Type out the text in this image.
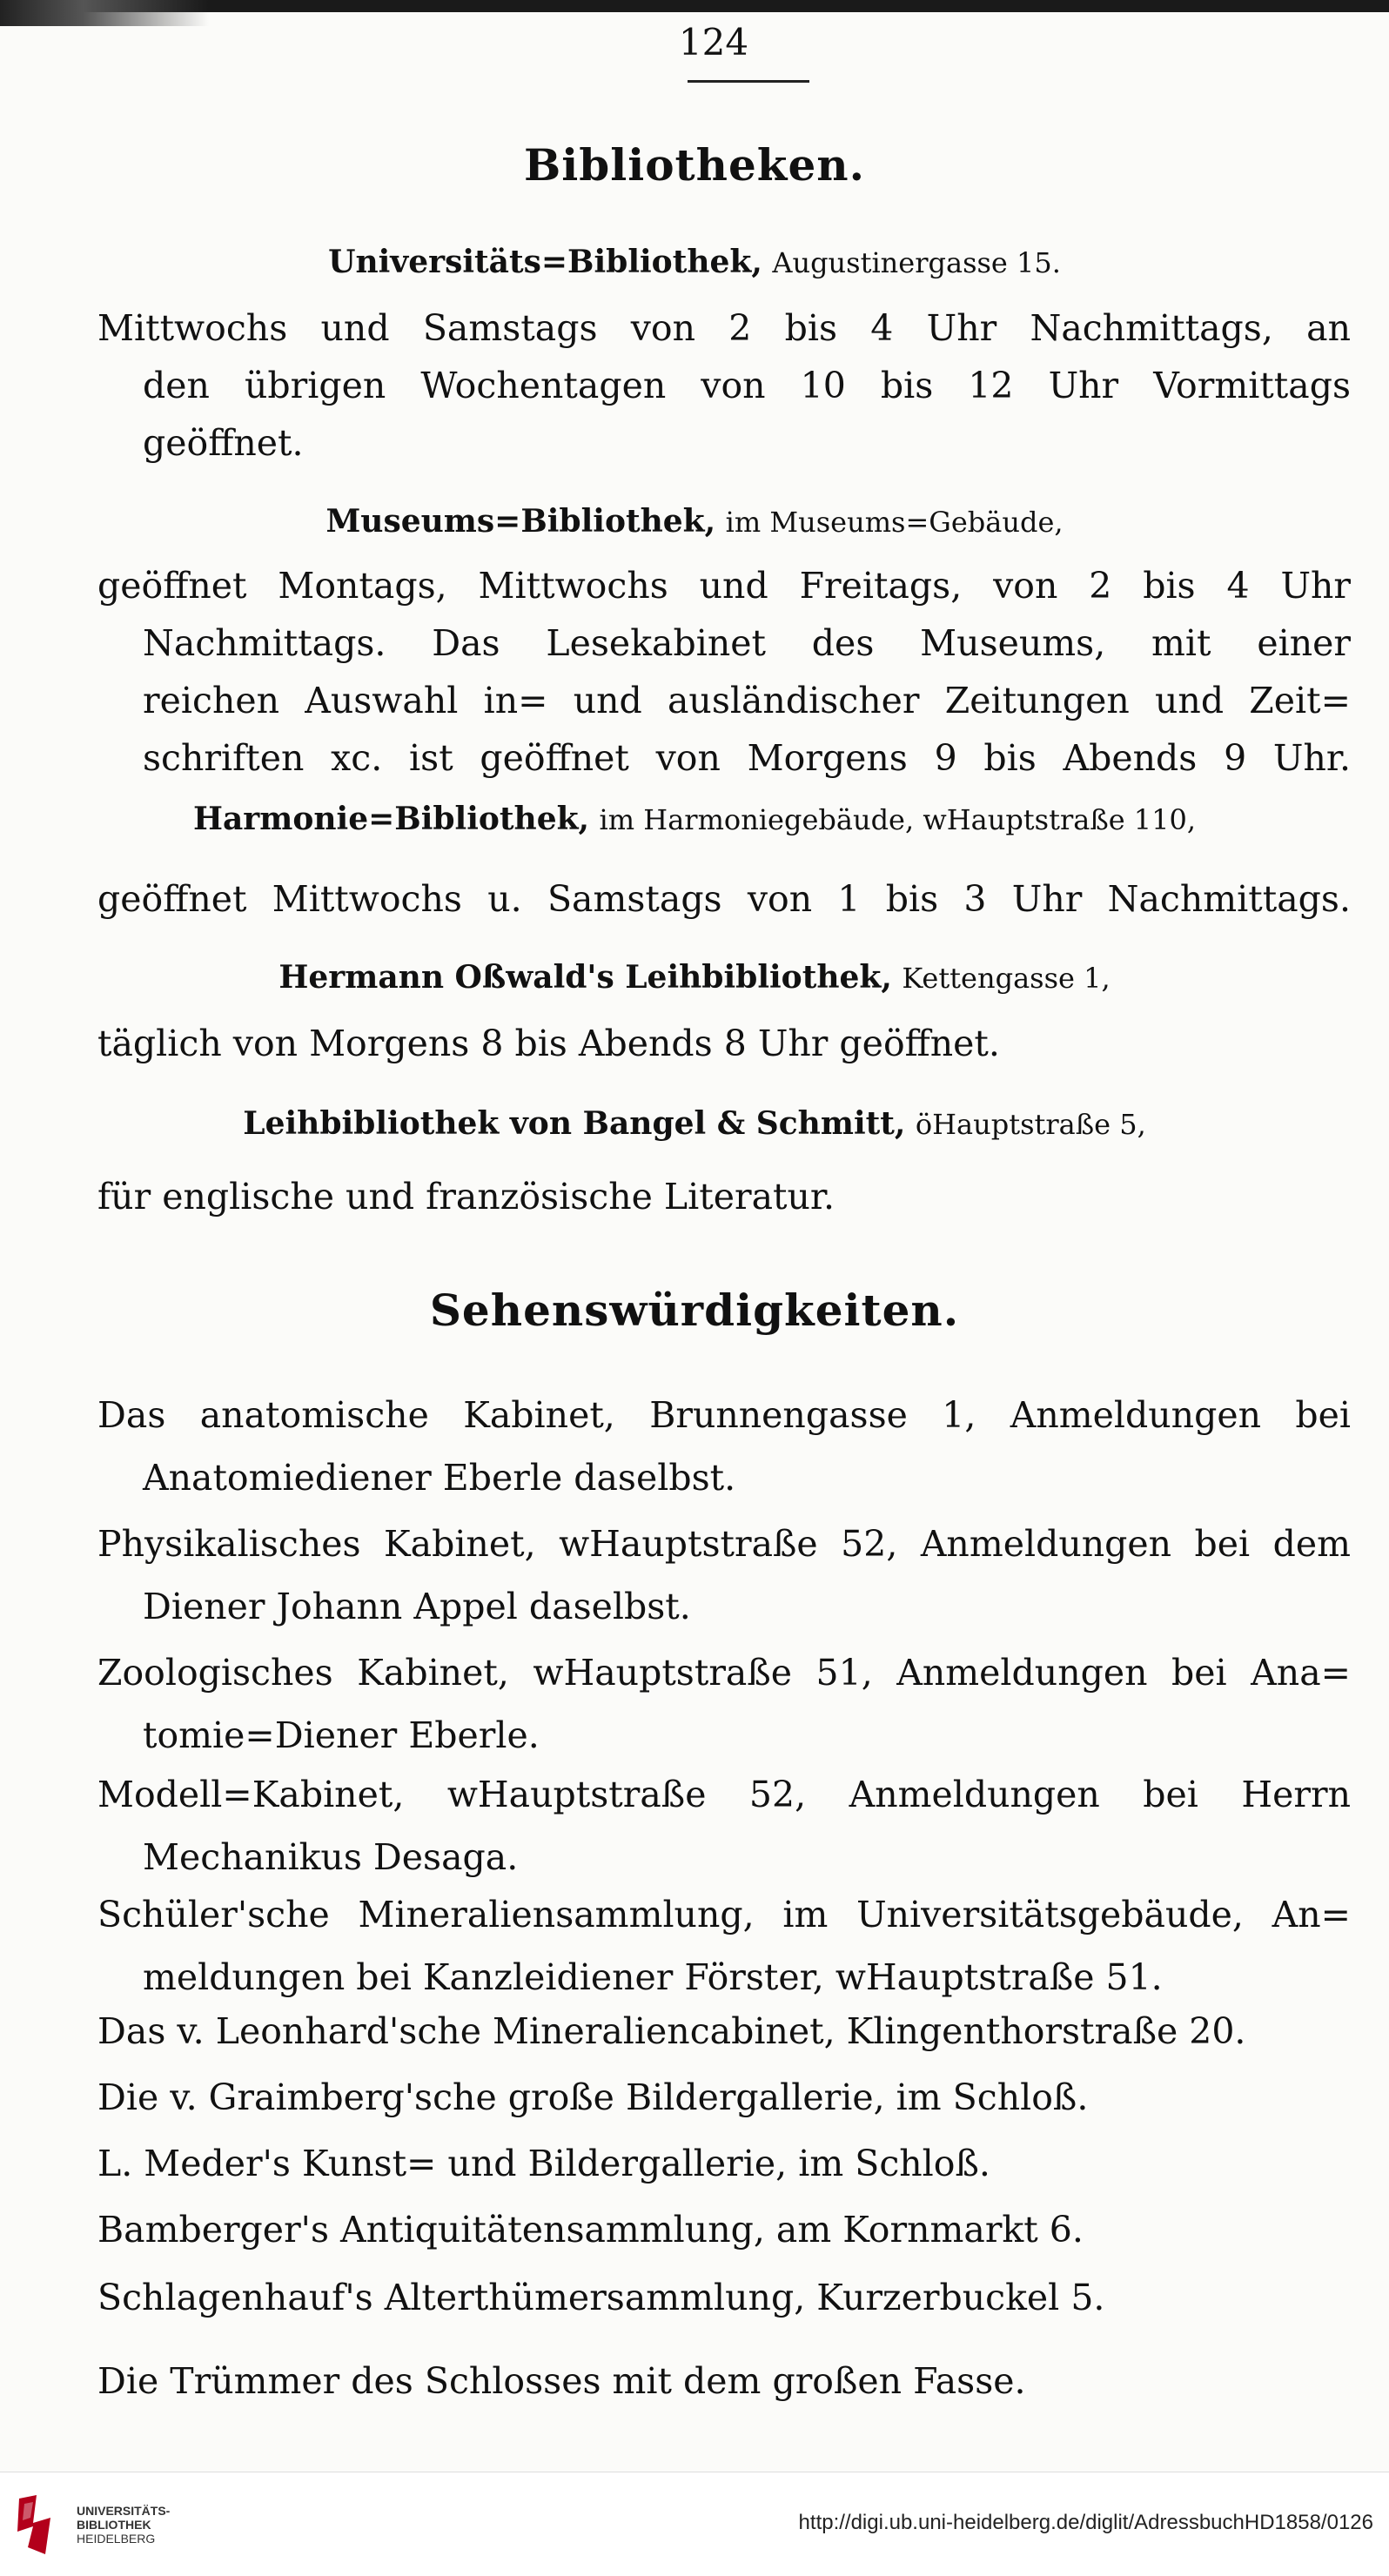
124
Bibliotheken.
Universitäts=Bibliothek, Augustinergasse 15.
Mittwochs und Samstags von 2 bis 4 Uhr Nachmittags, an
den übrigen Wochentagen von 10 bis 12 Uhr Vormittags
geöffnet.
Museums=Bibliothek, im Museums=Gebäude,
geöffnet Montags, Mittwochs und Freitags, von 2 bis 4 Uhr
Nachmittags. Das Lesekabinet des Museums, mit einer
reichen Auswahl in= und ausländischer Zeitungen und Zeit=
schriften xc. ist geöffnet von Morgens 9 bis Abends 9 Uhr.
Harmonie=Bibliothek, im Harmoniegebäude, wHauptstraße 110,
geöffnet Mittwochs u. Samstags von 1 bis 3 Uhr Nachmittags.
Hermann Oßwald's Leihbibliothek, Kettengasse 1,
täglich von Morgens 8 bis Abends 8 Uhr geöffnet.
Leihbibliothek von Bangel & Schmitt, öHauptstraße 5,
für englische und französische Literatur.
Sehenswürdigkeiten.
Das anatomische Kabinet, Brunnengasse 1, Anmeldungen bei
Anatomiediener Eberle daselbst.
Physikalisches Kabinet, wHauptstraße 52, Anmeldungen bei dem
Diener Johann Appel daselbst.
Zoologisches Kabinet, wHauptstraße 51, Anmeldungen bei Ana=
tomie=Diener Eberle.
Modell=Kabinet, wHauptstraße 52, Anmeldungen bei Herrn
Mechanikus Desaga.
Schüler'sche Mineraliensammlung, im Universitätsgebäude, An=
meldungen bei Kanzleidiener Förster, wHauptstraße 51.
Das v. Leonhard'sche Mineraliencabinet, Klingenthorstraße 20.
Die v. Graimberg'sche große Bildergallerie, im Schloß.
L. Meder's Kunst= und Bildergallerie, im Schloß.
Bamberger's Antiquitätensammlung, am Kornmarkt 6.
Schlagenhauf's Alterthümersammlung, Kurzerbuckel 5.
Die Trümmer des Schlosses mit dem großen Fasse.
UNIVERSITÄTS-
BIBLIOTHEK
HEIDELBERG
http://digi.ub.uni-heidelberg.de/diglit/AdressbuchHD1858/0126
